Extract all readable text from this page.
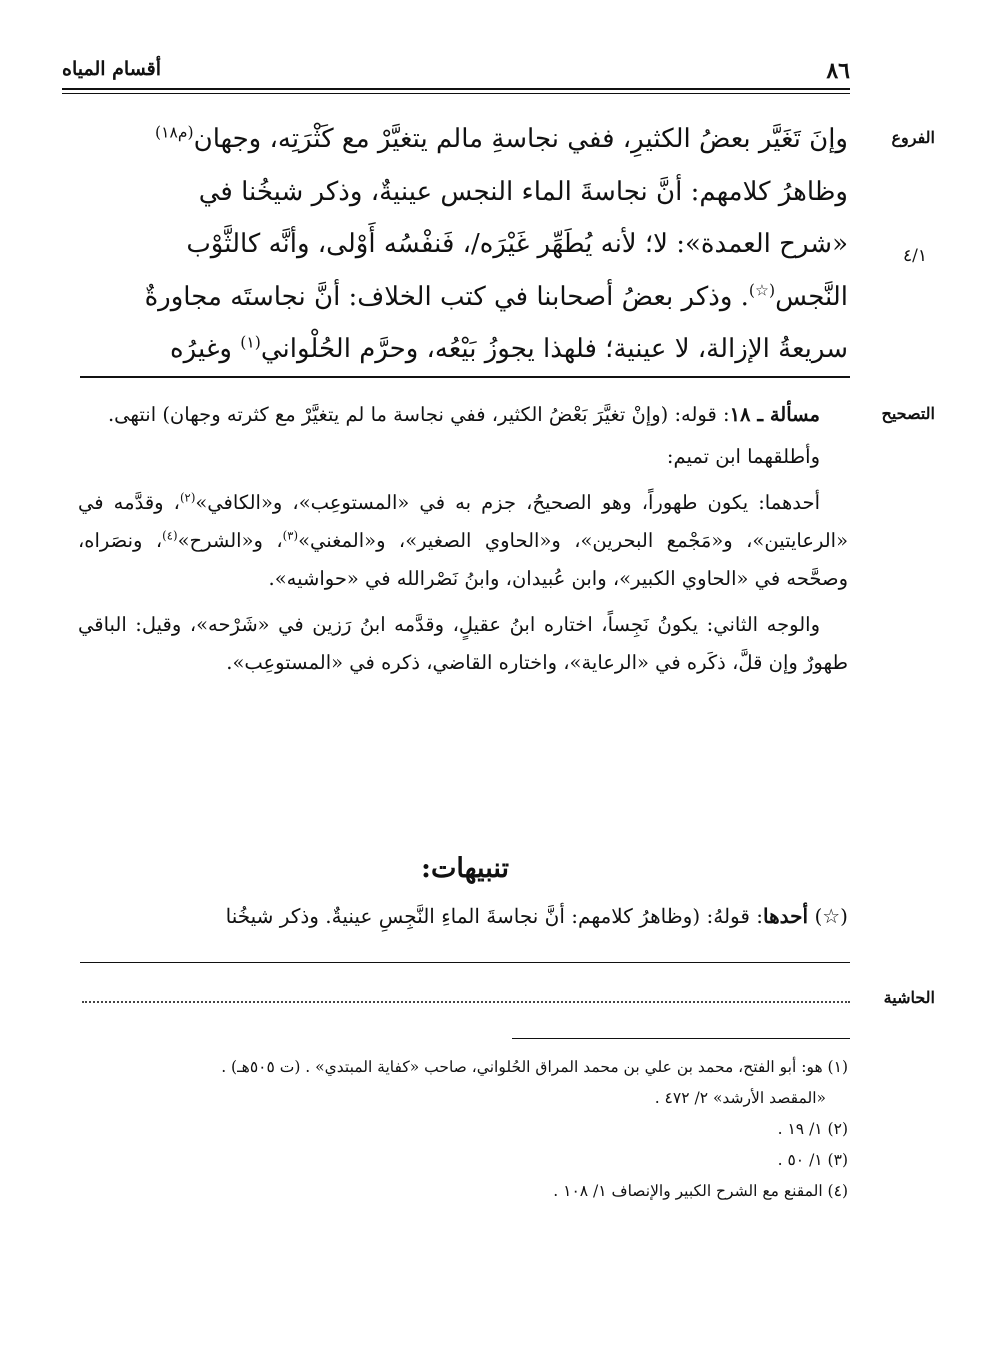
٨٦
أقسام المياه
الفروع
٤/١

وإنَ تَغَيَّر بعضُ الكثيرِ، ففي نجاسةِ مالم يتغيَّرْ مع كَثْرَتِه، وجهان$^{(م١٨)}$

وظاهرُ كلامهم: أنَّ نجاسةَ الماء النجس عينيةٌ، وذكر شيخُنا في

«شرح العمدة»: لا؛ لأنه يُطَهِّر غَيْرَه/، فَنفْسُه أَوْلى، وأنَّه كالثَّوْب

النَّجس(☆). وذكر بعضُ أصحابنا في كتب الخلاف: أنَّ نجاستَه مجاورةٌ

سريعةُ الإزالة، لا عينية؛ فلهذا يجوزُ بَيْعُه، وحرَّم الحُلْواني$^{(١)}$ وغيرُه

التصحيح

مسألة ـ ١٨: قوله: (وإنْ تغيَّرَ بَعْضُ الكثير، ففي نجاسة ما لم يتغيَّرْ مع كثرته وجهان) انتهى.

وأطلقهما ابن تميم:

أحدهما: يكون طهوراً، وهو الصحيحُ، جزم به في «المستوعِب»، و«الكافي»$^{(٢)}$، وقدَّمه في «الرعايتين»، و«مَجْمع البحرين»، و«الحاوي الصغير»، و«المغني»$^{(٣)}$، و«الشرح»$^{(٤)}$، ونصَراه، وصحَّحه في «الحاوي الكبير»، وابن عُبيدان، وابنُ نَصْرالله في «حواشيه».

والوجه الثاني: يكونُ نَجِساً، اختاره ابنُ عقيلٍ، وقدَّمه ابنُ رَزين في «شَرْحه»، وقيل: الباقي طهورٌ وإن قلَّ، ذكَره في «الرعاية»، واختاره القاضي، ذكره في «المستوعِب».

تنبيهات:
(☆) أحدها: قولهُ: (وظاهرُ كلامهم: أنَّ نجاسةَ الماءِ النَّجِسِ عينيةٌ. وذكر شيخُنا
الحاشية

(١) هو: أبو الفتح، محمد بن علي بن محمد المراق الحُلواني، صاحب «كفاية المبتدي» . (ت ٥٠٥هـ) .

«المقصد الأرشد» ٢/ ٤٧٢ .

(٢) ١/ ١٩ .

(٣) ١/ ٥٠ .

(٤) المقنع مع الشرح الكبير والإنصاف ١/ ١٠٨ .
